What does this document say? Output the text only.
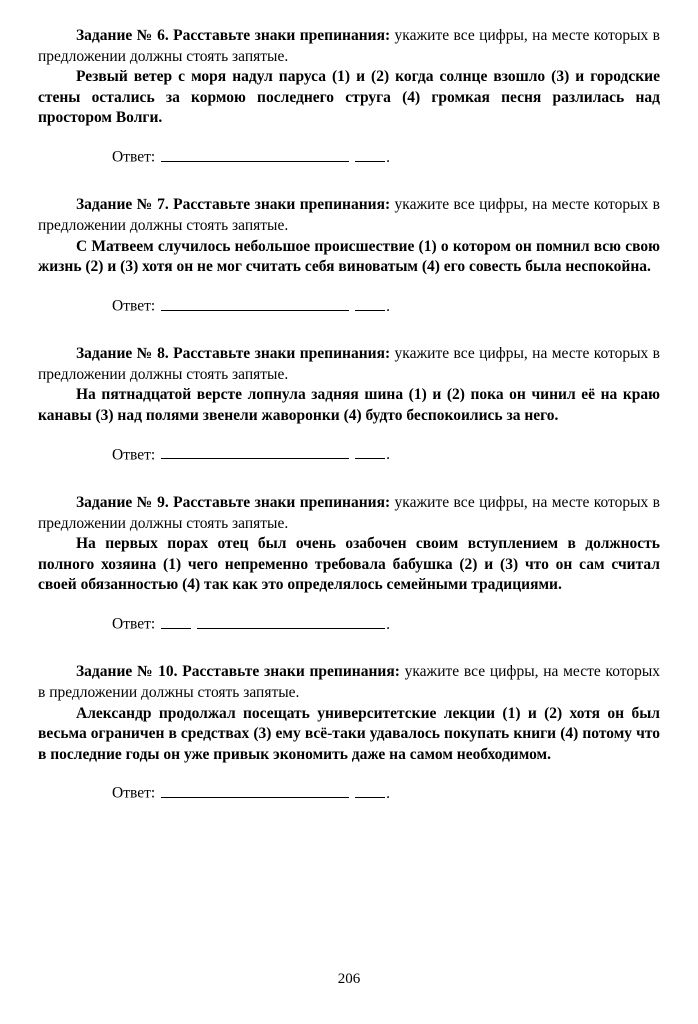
Задание № 6. Расставьте знаки препинания: укажите все цифры, на месте которых в предложении должны стоять запятые.

Резвый ветер с моря надул паруса (1) и (2) когда солнце взошло (3) и городские стены остались за кормою последнего струга (4) громкая песня разлилась над простором Волги.

Ответ:	.

Задание № 7. Расставьте знаки препинания: укажите все цифры, на месте которых в предложении должны стоять запятые.

С Матвеем случилось небольшое происшествие (1) о котором он помнил всю свою жизнь (2) и (3) хотя он не мог считать себя виноватым (4) его совесть была неспокойна.

Ответ:	.

Задание № 8. Расставьте знаки препинания: укажите все цифры, на месте которых в предложении должны стоять запятые.

На пятнадцатой версте лопнула задняя шина (1) и (2) пока он чинил её на краю канавы (3) над полями звенели жаворонки (4) будто беспокоились за него.

Ответ:	.

Задание № 9. Расставьте знаки препинания: укажите все цифры, на месте которых в предложении должны стоять запятые.

На первых порах отец был очень озабочен своим вступлением в должность полного хозяина (1) чего непременно требовала бабушка (2) и (3) что он сам считал своей обязанностью (4) так как это определялось семейными традициями.

Ответ:	.

Задание № 10. Расставьте знаки препинания: укажите все цифры, на месте которых в предложении должны стоять запятые.

Александр продолжал посещать университетские лекции (1) и (2) хотя он был весьма ограничен в средствах (3) ему всё-таки удавалось покупать книги (4) потому что в последние годы он уже привык экономить даже на самом необходимом.

Ответ:	.

206
